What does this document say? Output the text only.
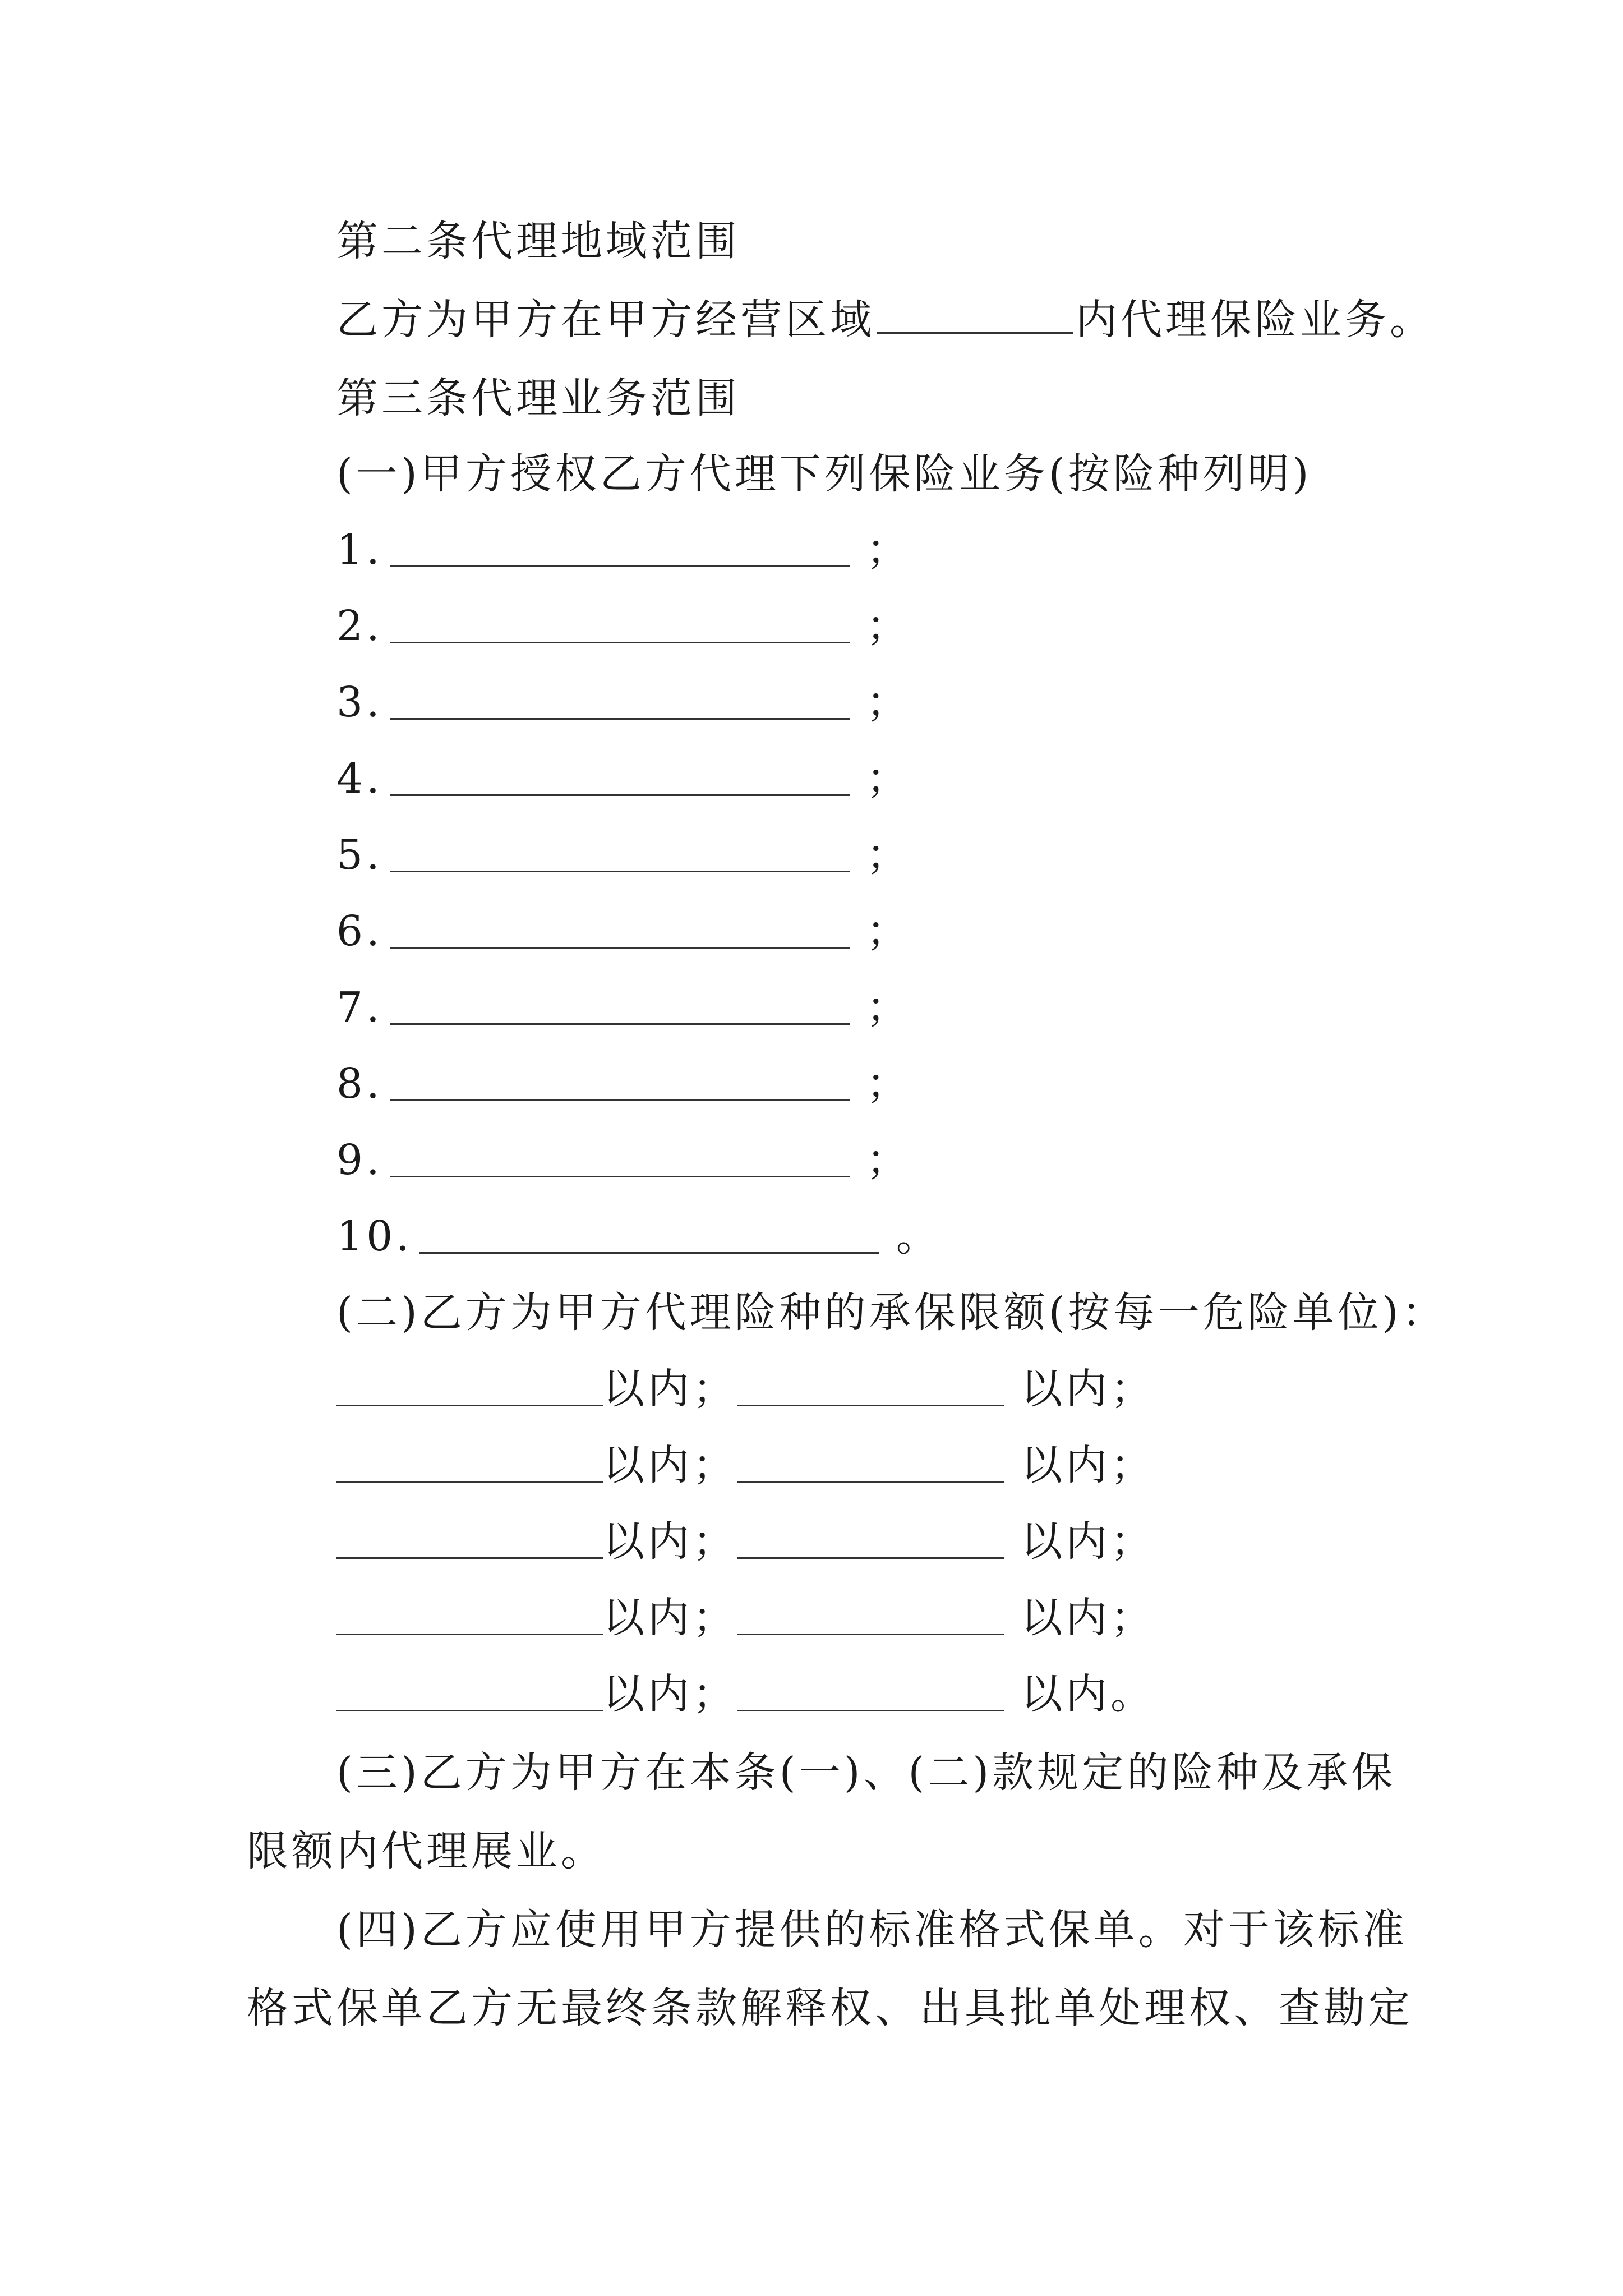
第二条代理地域范围
乙方为甲方在甲方经营区域	内代理保险业务。
第三条代理业务范围
(一)甲方授权乙方代理下列保险业务(按险种列明)
1.	；
2.	；
3.	；
4.	；
5.	；
6.	；
7.	；
8.	；
9.	；
10.	。
(二)乙方为甲方代理险种的承保限额(按每一危险单位)：
以内；	以内；
以内；	以内；
以内；	以内；
以内；	以内；
以内；	以内。
(三)乙方为甲方在本条(一)、(二)款规定的险种及承保
限额内代理展业。
(四)乙方应使用甲方提供的标准格式保单。对于该标准
格式保单乙方无最终条款解释权、出具批单处理权、查勘定
